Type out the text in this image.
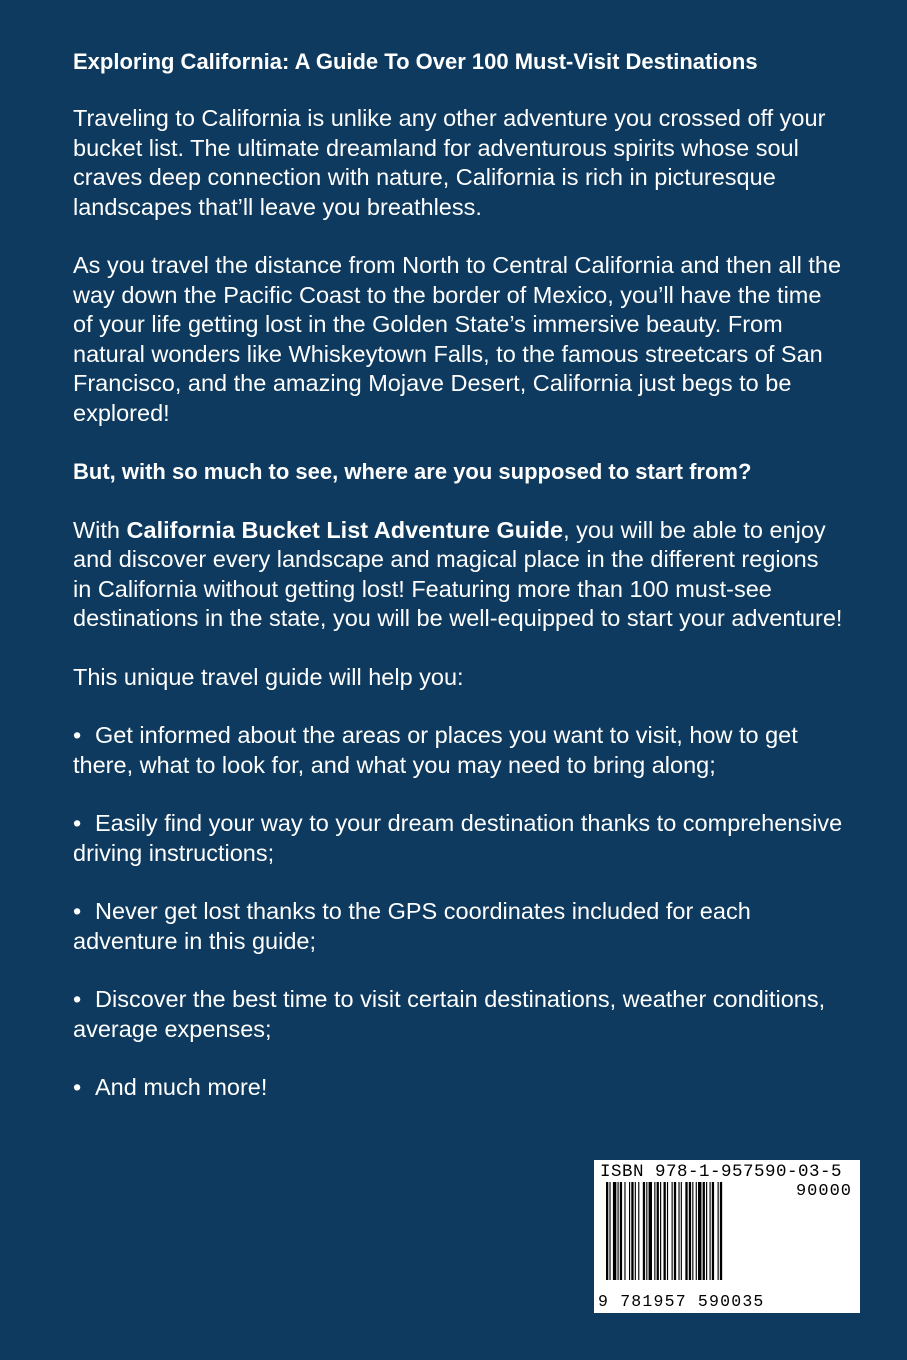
Exploring California: A Guide To Over 100 Must-Visit Destinations

Traveling to California is unlike any other adventure you crossed off your bucket list. The ultimate dreamland for adventurous spirits whose soul craves deep connection with nature, California is rich in picturesque landscapes that’ll leave you breathless.

As you travel the distance from North to Central California and then all the way down the Pacific Coast to the border of Mexico, you’ll have the time of your life getting lost in the Golden State’s immersive beauty. From natural wonders like Whiskeytown Falls, to the famous streetcars of San Francisco, and the amazing Mojave Desert, California just begs to be explored!

But, with so much to see, where are you supposed to start from?

With California Bucket List Adventure Guide, you will be able to enjoy and discover every landscape and magical place in the different regions in California without getting lost! Featuring more than 100 must-see destinations in the state, you will be well-equipped to start your adventure!

This unique travel guide will help you:

• Get informed about the areas or places you want to visit, how to get there, what to look for, and what you may need to bring along;
• Easily find your way to your dream destination thanks to comprehensive driving instructions;
• Never get lost thanks to the GPS coordinates included for each adventure in this guide;
• Discover the best time to visit certain destinations, weather conditions, average expenses;
• And much more!
ISBN 978-1-957590-03-5
90000
9 781957 590035
